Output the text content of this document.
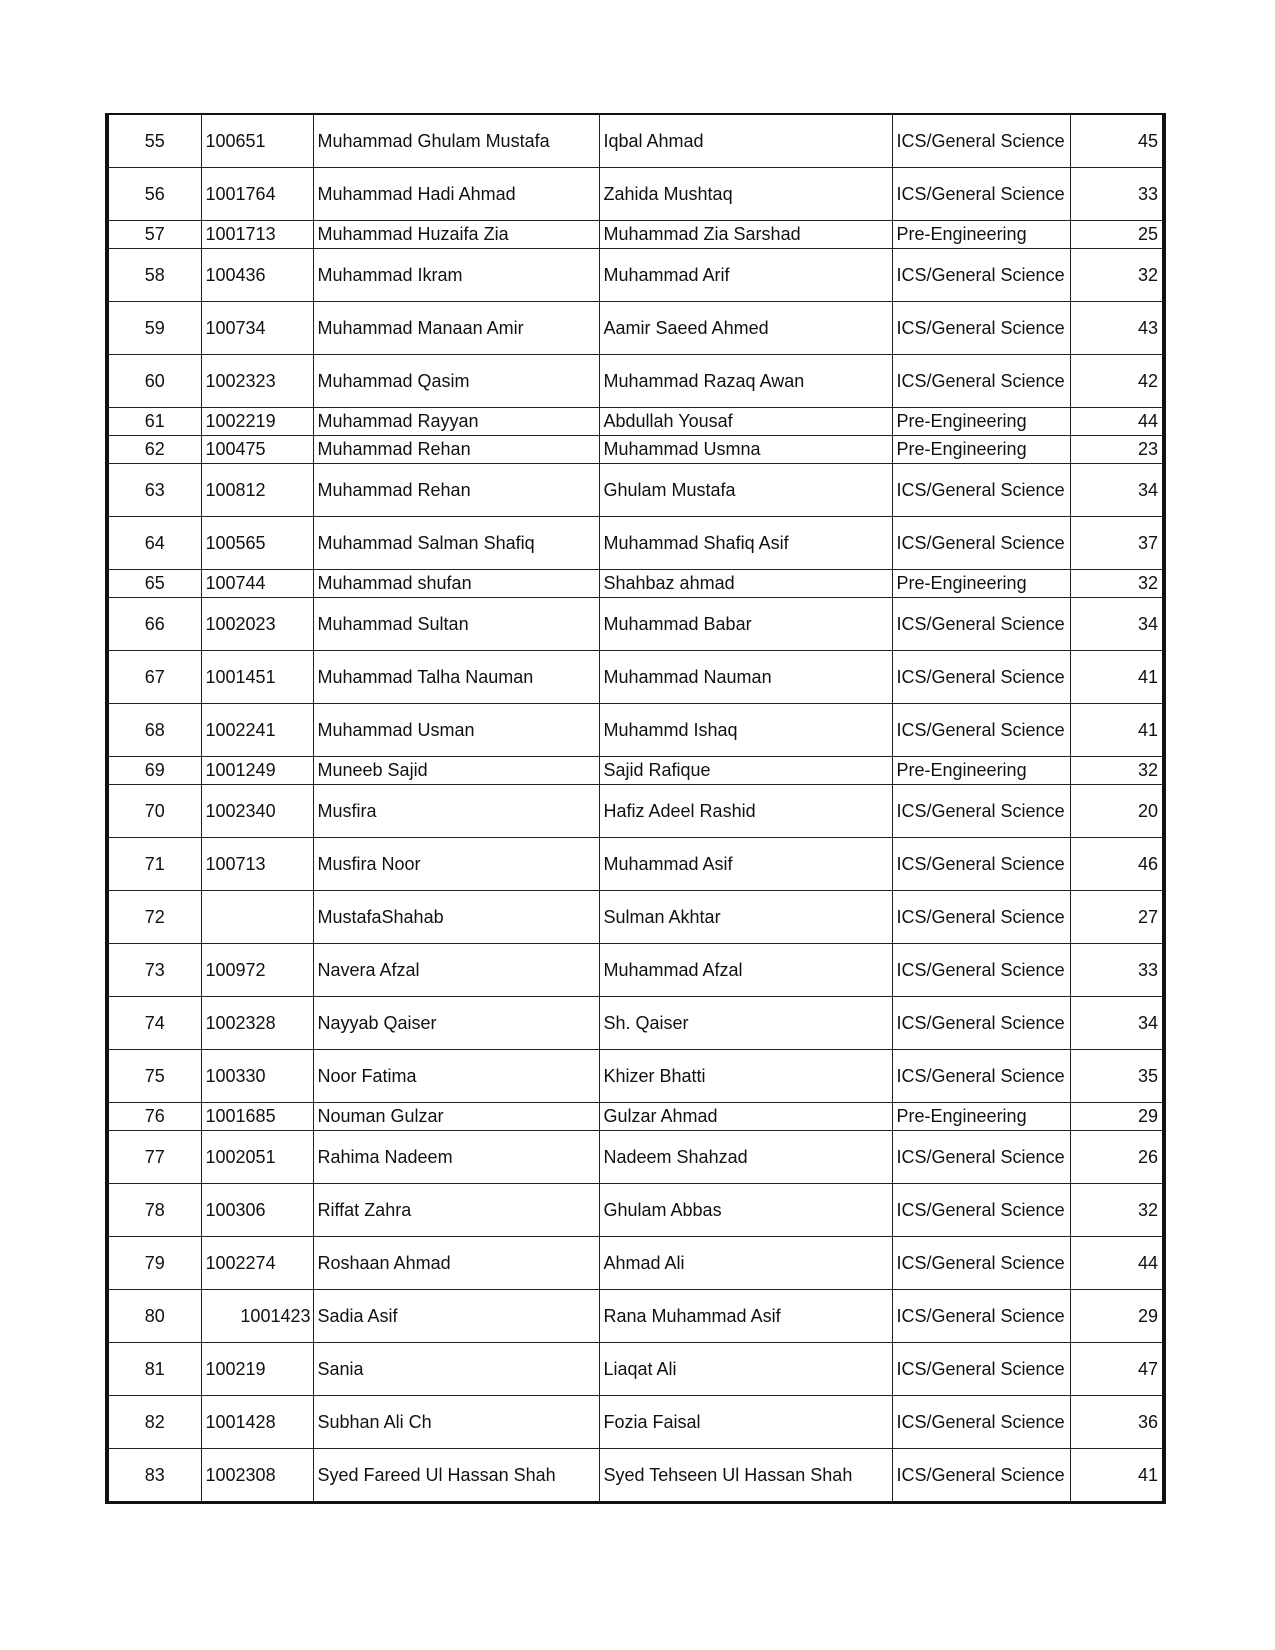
55	100651	Muhammad Ghulam Mustafa	Iqbal Ahmad	ICS/General Science	45
56	1001764	Muhammad Hadi Ahmad	Zahida Mushtaq	ICS/General Science	33
57	1001713	Muhammad Huzaifa Zia	Muhammad Zia Sarshad	Pre-Engineering	25
58	100436	Muhammad Ikram	Muhammad Arif	ICS/General Science	32
59	100734	Muhammad Manaan Amir	Aamir Saeed Ahmed	ICS/General Science	43
60	1002323	Muhammad Qasim	Muhammad Razaq Awan	ICS/General Science	42
61	1002219	Muhammad Rayyan	Abdullah Yousaf	Pre-Engineering	44
62	100475	Muhammad Rehan	Muhammad Usmna	Pre-Engineering	23
63	100812	Muhammad Rehan	Ghulam Mustafa	ICS/General Science	34
64	100565	Muhammad Salman Shafiq	Muhammad Shafiq Asif	ICS/General Science	37
65	100744	Muhammad shufan	Shahbaz ahmad	Pre-Engineering	32
66	1002023	Muhammad Sultan	Muhammad Babar	ICS/General Science	34
67	1001451	Muhammad Talha Nauman	Muhammad Nauman	ICS/General Science	41
68	1002241	Muhammad Usman	Muhammd Ishaq	ICS/General Science	41
69	1001249	Muneeb Sajid	Sajid Rafique	Pre-Engineering	32
70	1002340	Musfira	Hafiz Adeel Rashid	ICS/General Science	20
71	100713	Musfira Noor	Muhammad Asif	ICS/General Science	46
72		MustafaShahab	Sulman Akhtar	ICS/General Science	27
73	100972	Navera Afzal	Muhammad Afzal	ICS/General Science	33
74	1002328	Nayyab Qaiser	Sh. Qaiser	ICS/General Science	34
75	100330	Noor Fatima	Khizer Bhatti	ICS/General Science	35
76	1001685	Nouman Gulzar	Gulzar Ahmad	Pre-Engineering	29
77	1002051	Rahima Nadeem	Nadeem Shahzad	ICS/General Science	26
78	100306	Riffat Zahra	Ghulam Abbas	ICS/General Science	32
79	1002274	Roshaan Ahmad	Ahmad Ali	ICS/General Science	44
80	1001423	Sadia Asif	Rana Muhammad Asif	ICS/General Science	29
81	100219	Sania	Liaqat Ali	ICS/General Science	47
82	1001428	Subhan Ali Ch	Fozia Faisal	ICS/General Science	36
83	1002308	Syed Fareed Ul Hassan Shah	Syed Tehseen Ul Hassan Shah	ICS/General Science	41
